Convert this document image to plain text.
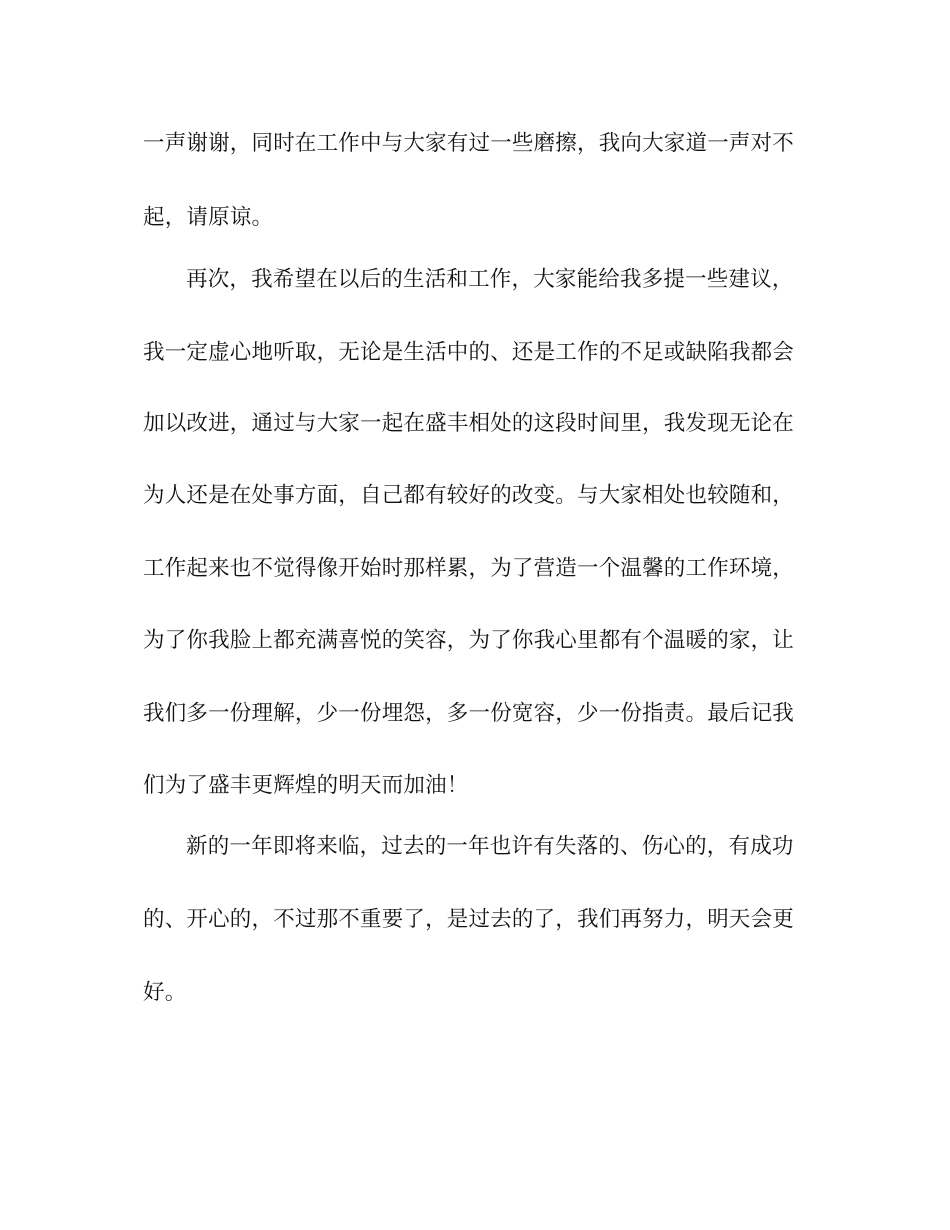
一声谢谢，同时在工作中与大家有过一些磨擦，我向大家道一声对不
起，请原谅。
再次，我希望在以后的生活和工作，大家能给我多提一些建议，
我一定虚心地听取，无论是生活中的、还是工作的不足或缺陷我都会
加以改进，通过与大家一起在盛丰相处的这段时间里，我发现无论在
为人还是在处事方面，自己都有较好的改变。与大家相处也较随和，
工作起来也不觉得像开始时那样累，为了营造一个温馨的工作环境，
为了你我脸上都充满喜悦的笑容，为了你我心里都有个温暖的家，让
我们多一份理解，少一份埋怨，多一份宽容，少一份指责。最后记我
们为了盛丰更辉煌的明天而加油！
新的一年即将来临，过去的一年也许有失落的、伤心的，有成功
的、开心的，不过那不重要了，是过去的了，我们再努力，明天会更
好。
